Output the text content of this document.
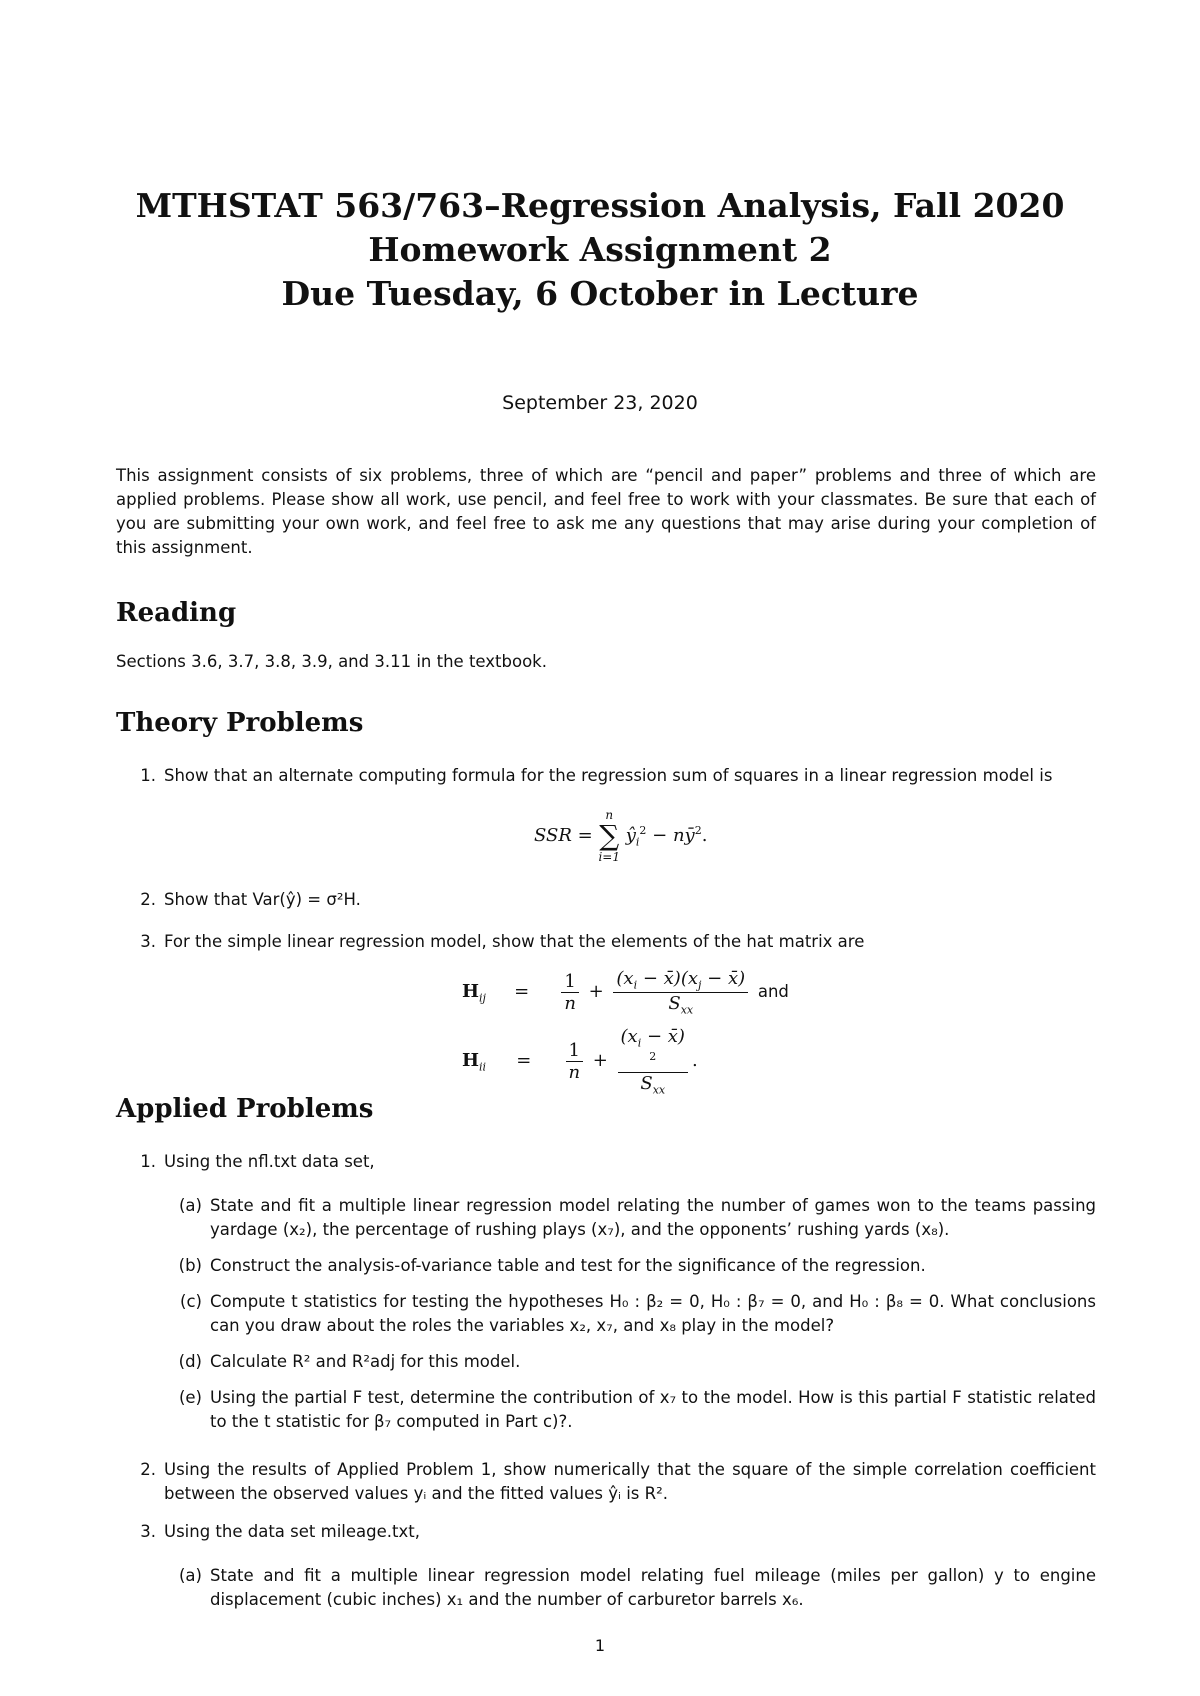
MTHSTAT 563/763–Regression Analysis, Fall 2020
Homework Assignment 2
Due Tuesday, 6 October in Lecture
September 23, 2020
This assignment consists of six problems, three of which are “pencil and paper” problems and three of which are applied problems. Please show all work, use pencil, and feel free to work with your classmates. Be sure that each of you are submitting your own work, and feel free to ask me any questions that may arise during your completion of this assignment.
Reading
Sections 3.6, 3.7, 3.8, 3.9, and 3.11 in the textbook.
Theory Problems
1. Show that an alternate computing formula for the regression sum of squares in a linear regression model is
SSR =
n
∑
i=1
$ŷ_i^2$ − $nȳ^2$.
2. Show that Var(ŷ) = σ²H.
3. For the simple linear regression model, show that the elements of the hat matrix are
$H_{ij} = \frac{1}{n} + \frac{(x_i - x̄)(x_j - x̄)}{S_{xx}}$ and
$H_{ii} = \frac{1}{n} + (x_i$ − x̄)
$^2$
$S_{xx}$ .
Applied Problems
1. Using the nfl.txt data set,
(a) State and fit a multiple linear regression model relating the number of games won to the teams passing yardage (x₂), the percentage of rushing plays (x₇), and the opponents’ rushing yards (x₈).
(b) Construct the analysis-of-variance table and test for the significance of the regression.
(c) Compute t statistics for testing the hypotheses H₀ : β₂ = 0, H₀ : β₇ = 0, and H₀ : β₈ = 0. What conclusions can you draw about the roles the variables x₂, x₇, and x₈ play in the model?
(d) Calculate R² and R²adj for this model.
(e) Using the partial F test, determine the contribution of x₇ to the model. How is this partial F statistic related to the t statistic for β₇ computed in Part c)?.
2. Using the results of Applied Problem 1, show numerically that the square of the simple correlation coefficient between the observed values yᵢ and the fitted values ŷᵢ is R².
3. Using the data set mileage.txt,
(a) State and fit a multiple linear regression model relating fuel mileage (miles per gallon) y to engine displacement (cubic inches) x₁ and the number of carburetor barrels x₆.
1
